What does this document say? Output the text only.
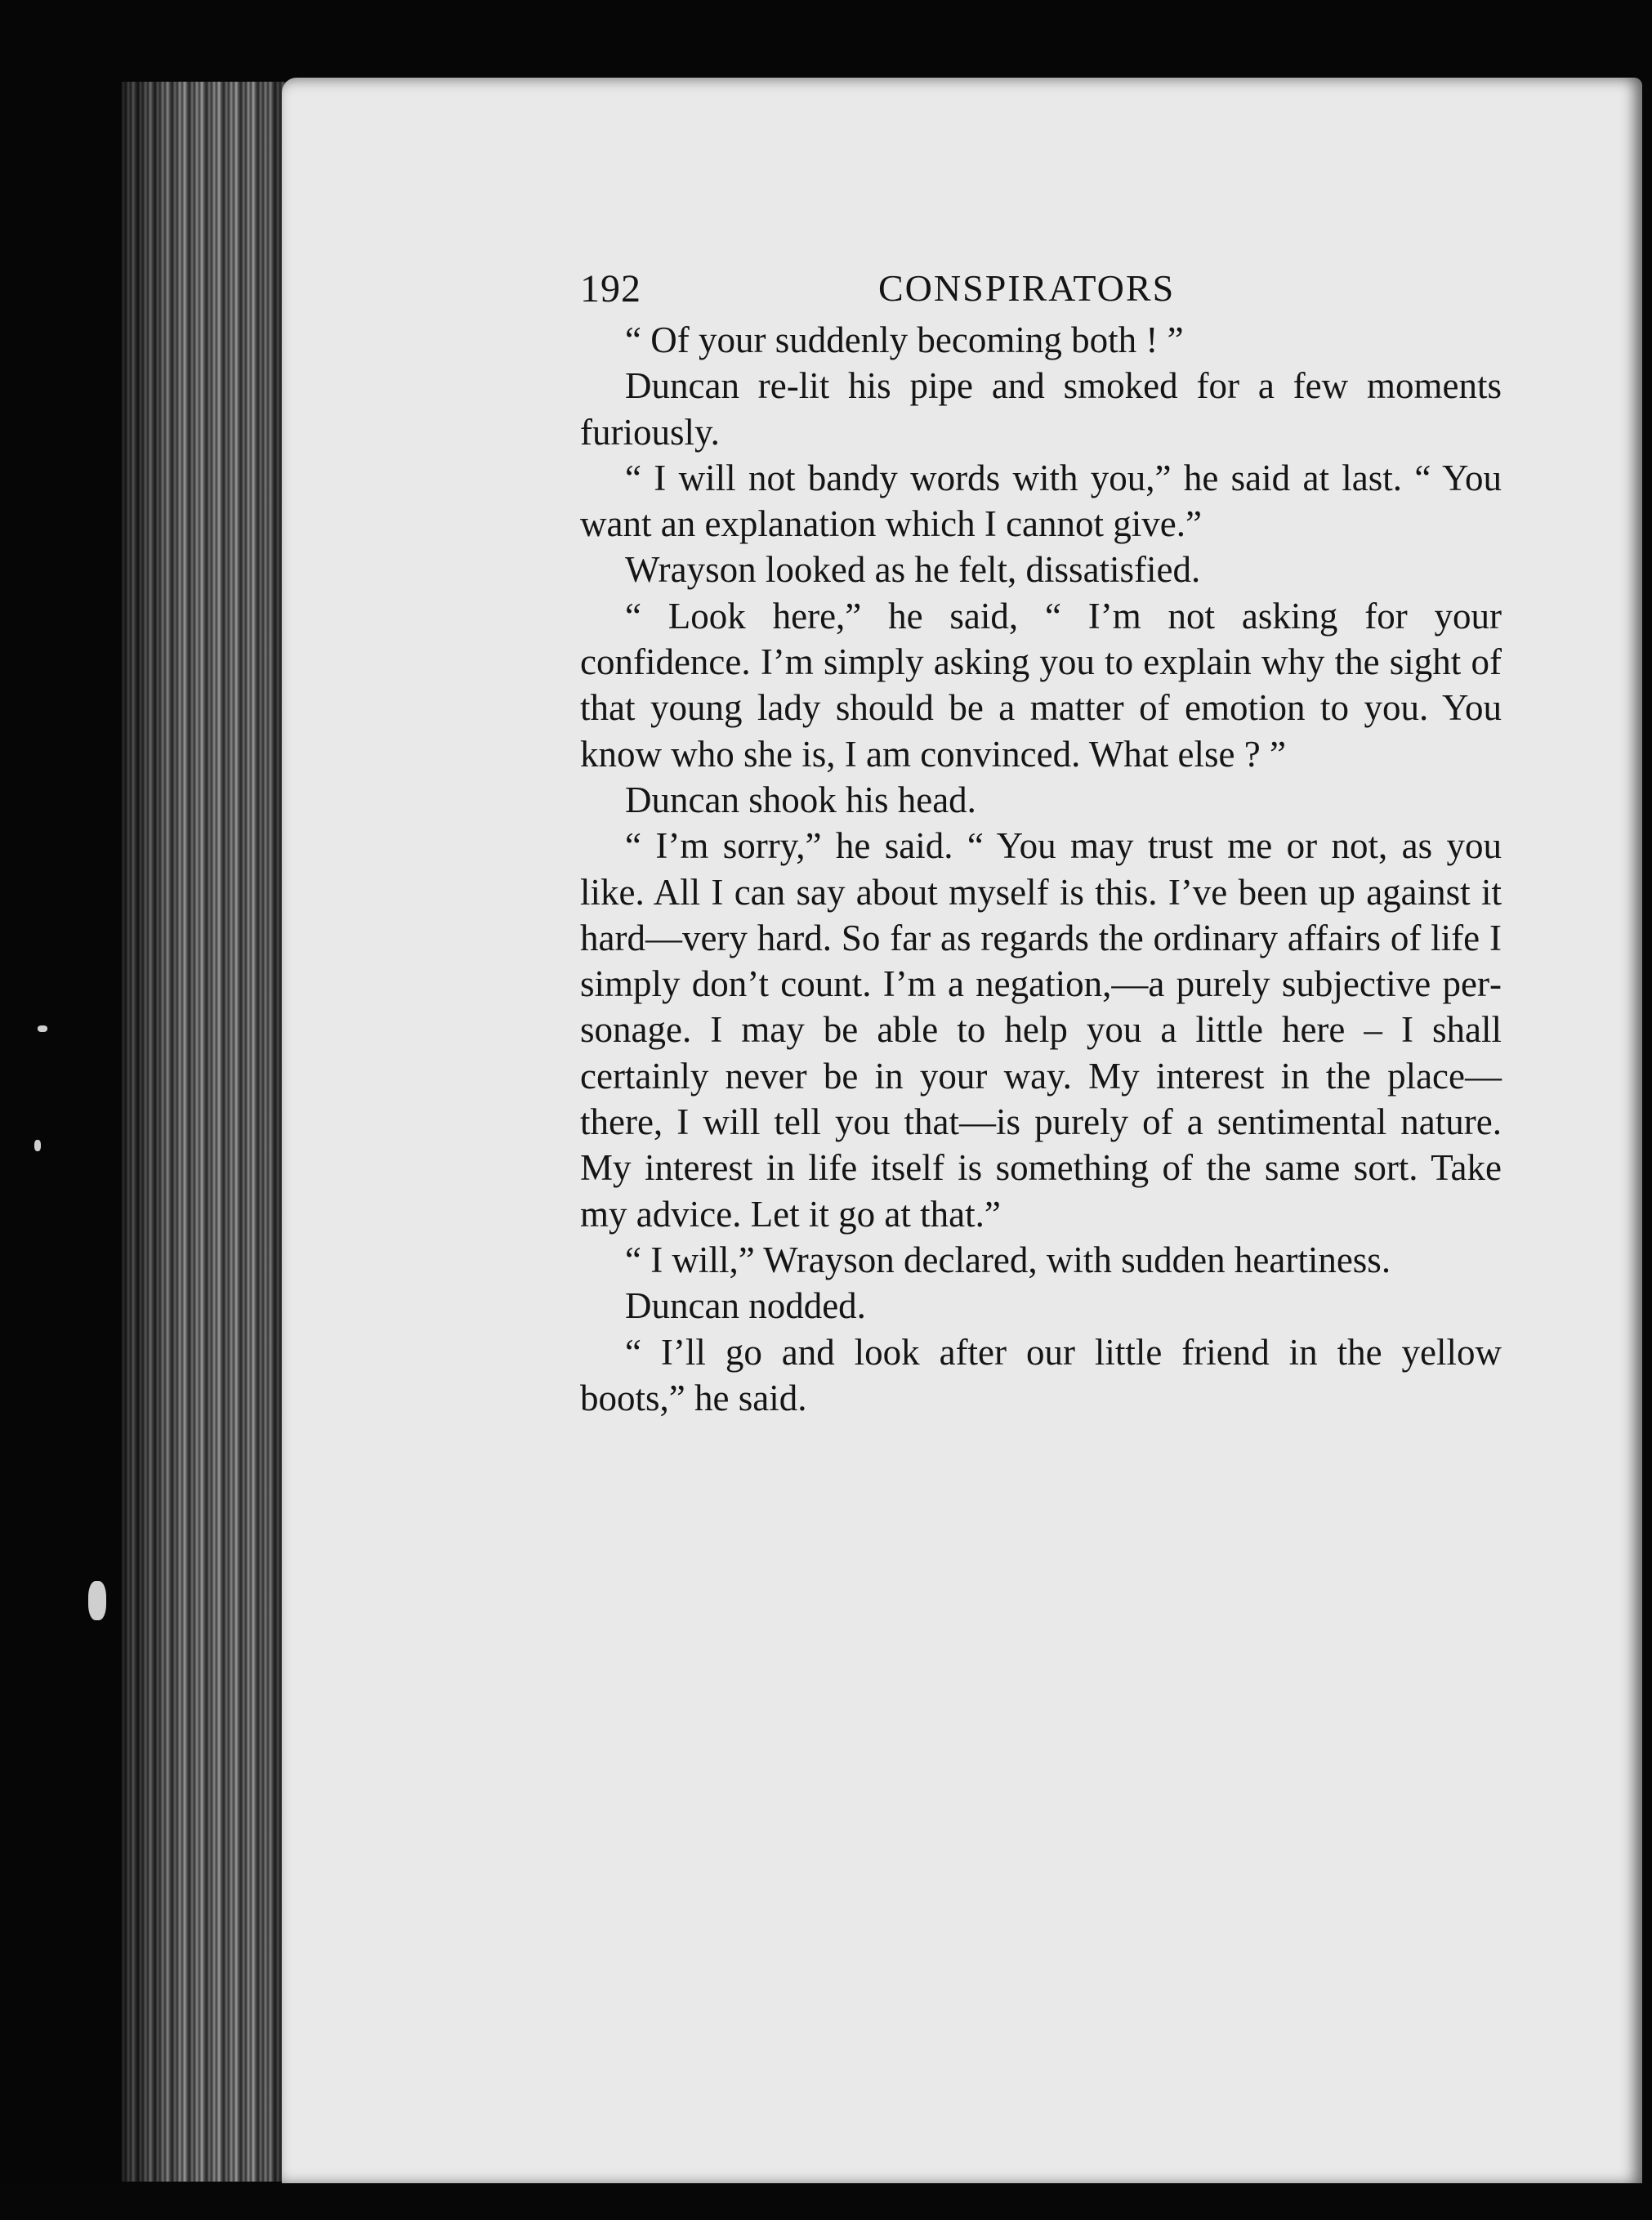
192	CONSPIRATORS

“ Of your suddenly becoming both ! ”

Duncan re-lit his pipe and smoked for a few moments furiously.

“ I will not bandy words with you,” he said at last. “ You want an explanation which I cannot give.”

Wrayson looked as he felt, dissatisfied.

“ Look here,” he said, “ I’m not asking for your confidence. I’m simply asking you to explain why the sight of that young lady should be a matter of emotion to you. You know who she is, I am convinced. What else ? ”

Duncan shook his head.

“ I’m sorry,” he said. “ You may trust me or not, as you like. All I can say about myself is this. I’ve been up against it hard—very hard. So far as regards the ordinary affairs of life I simply don’t count. I’m a negation,—a purely subjective personage. I may be able to help you a little here – I shall certainly never be in your way. My interest in the place—there, I will tell you that—is purely of a sentimental nature. My interest in life itself is something of the same sort. Take my advice. Let it go at that.”

“ I will,” Wrayson declared, with sudden heartiness.

Duncan nodded.

“ I’ll go and look after our little friend in the yellow boots,” he said.
